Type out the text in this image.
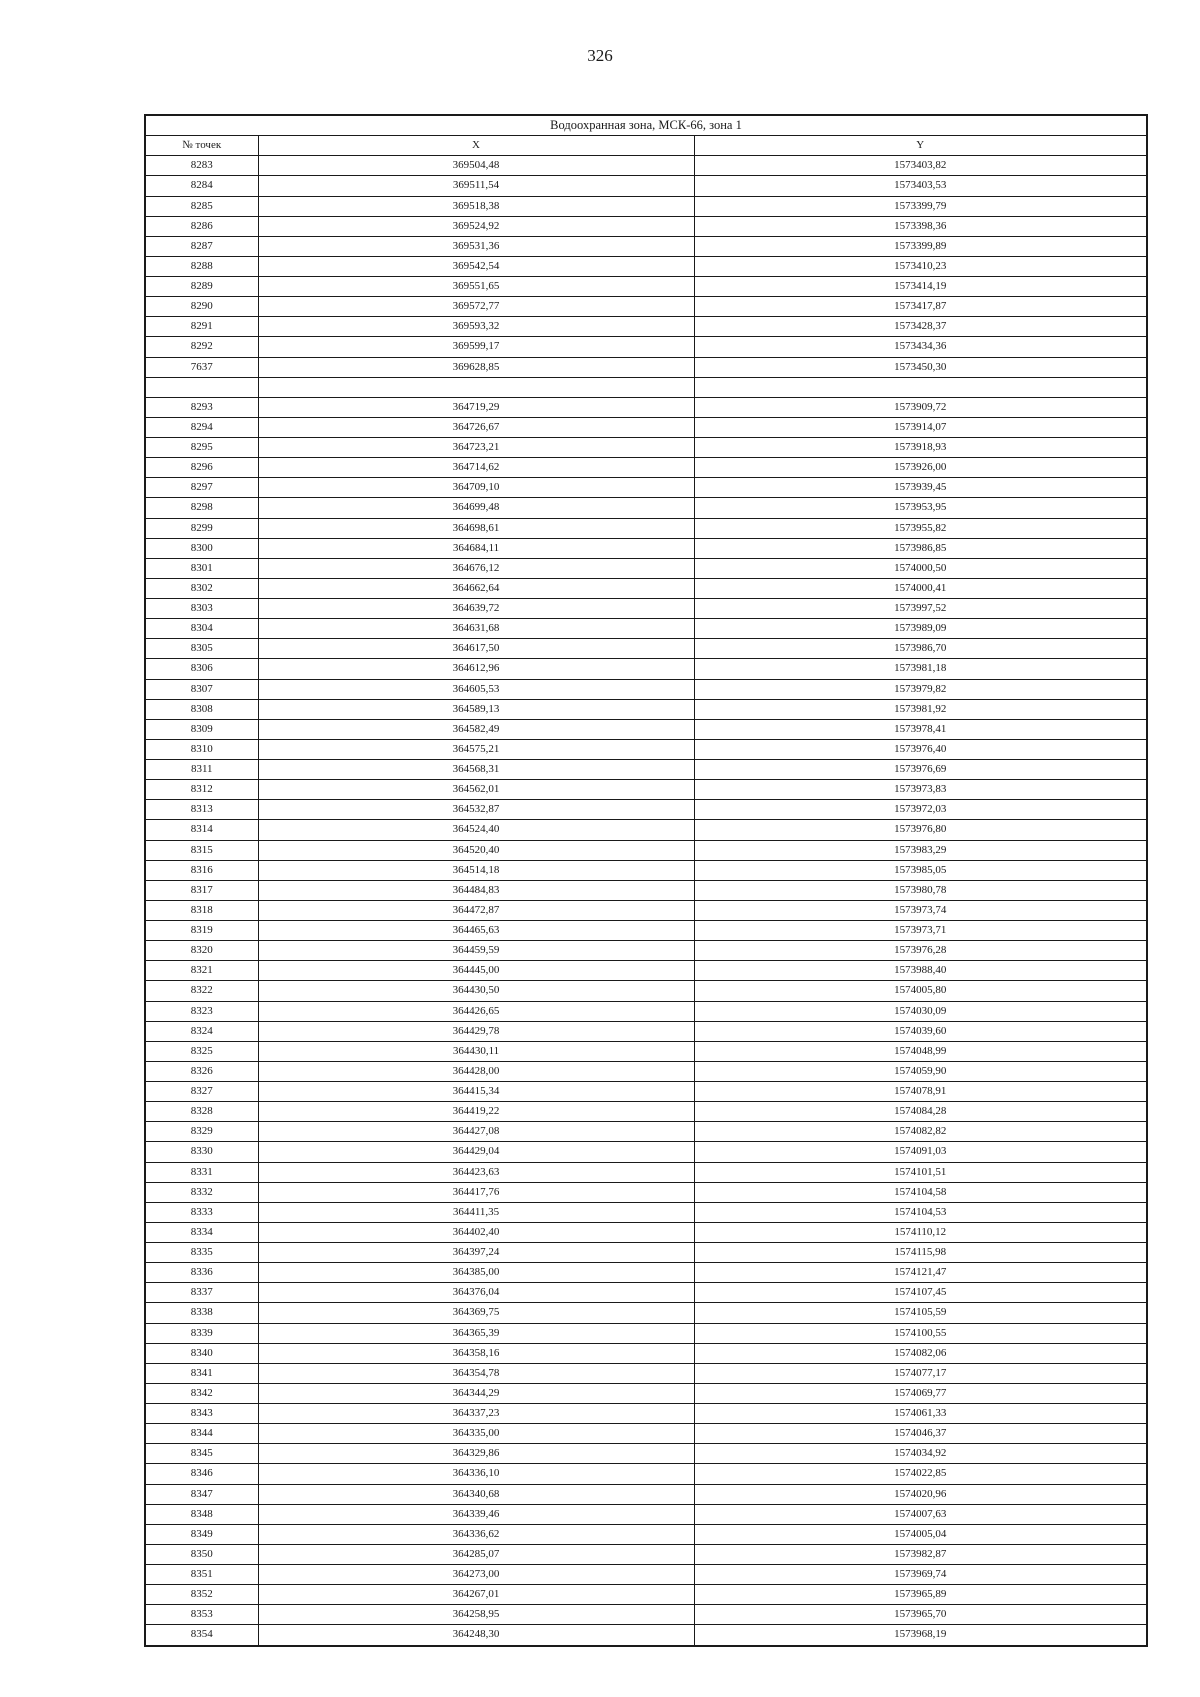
326
Водоохранная зона, МСК-66, зона 1		
№ точек	X	Y
8283	369504,48	1573403,82
8284	369511,54	1573403,53
8285	369518,38	1573399,79
8286	369524,92	1573398,36
8287	369531,36	1573399,89
8288	369542,54	1573410,23
8289	369551,65	1573414,19
8290	369572,77	1573417,87
8291	369593,32	1573428,37
8292	369599,17	1573434,36
7637	369628,85	1573450,30

8293	364719,29	1573909,72
8294	364726,67	1573914,07
8295	364723,21	1573918,93
8296	364714,62	1573926,00
8297	364709,10	1573939,45
8298	364699,48	1573953,95
8299	364698,61	1573955,82
8300	364684,11	1573986,85
8301	364676,12	1574000,50
8302	364662,64	1574000,41
8303	364639,72	1573997,52
8304	364631,68	1573989,09
8305	364617,50	1573986,70
8306	364612,96	1573981,18
8307	364605,53	1573979,82
8308	364589,13	1573981,92
8309	364582,49	1573978,41
8310	364575,21	1573976,40
8311	364568,31	1573976,69
8312	364562,01	1573973,83
8313	364532,87	1573972,03
8314	364524,40	1573976,80
8315	364520,40	1573983,29
8316	364514,18	1573985,05
8317	364484,83	1573980,78
8318	364472,87	1573973,74
8319	364465,63	1573973,71
8320	364459,59	1573976,28
8321	364445,00	1573988,40
8322	364430,50	1574005,80
8323	364426,65	1574030,09
8324	364429,78	1574039,60
8325	364430,11	1574048,99
8326	364428,00	1574059,90
8327	364415,34	1574078,91
8328	364419,22	1574084,28
8329	364427,08	1574082,82
8330	364429,04	1574091,03
8331	364423,63	1574101,51
8332	364417,76	1574104,58
8333	364411,35	1574104,53
8334	364402,40	1574110,12
8335	364397,24	1574115,98
8336	364385,00	1574121,47
8337	364376,04	1574107,45
8338	364369,75	1574105,59
8339	364365,39	1574100,55
8340	364358,16	1574082,06
8341	364354,78	1574077,17
8342	364344,29	1574069,77
8343	364337,23	1574061,33
8344	364335,00	1574046,37
8345	364329,86	1574034,92
8346	364336,10	1574022,85
8347	364340,68	1574020,96
8348	364339,46	1574007,63
8349	364336,62	1574005,04
8350	364285,07	1573982,87
8351	364273,00	1573969,74
8352	364267,01	1573965,89
8353	364258,95	1573965,70
8354	364248,30	1573968,19
